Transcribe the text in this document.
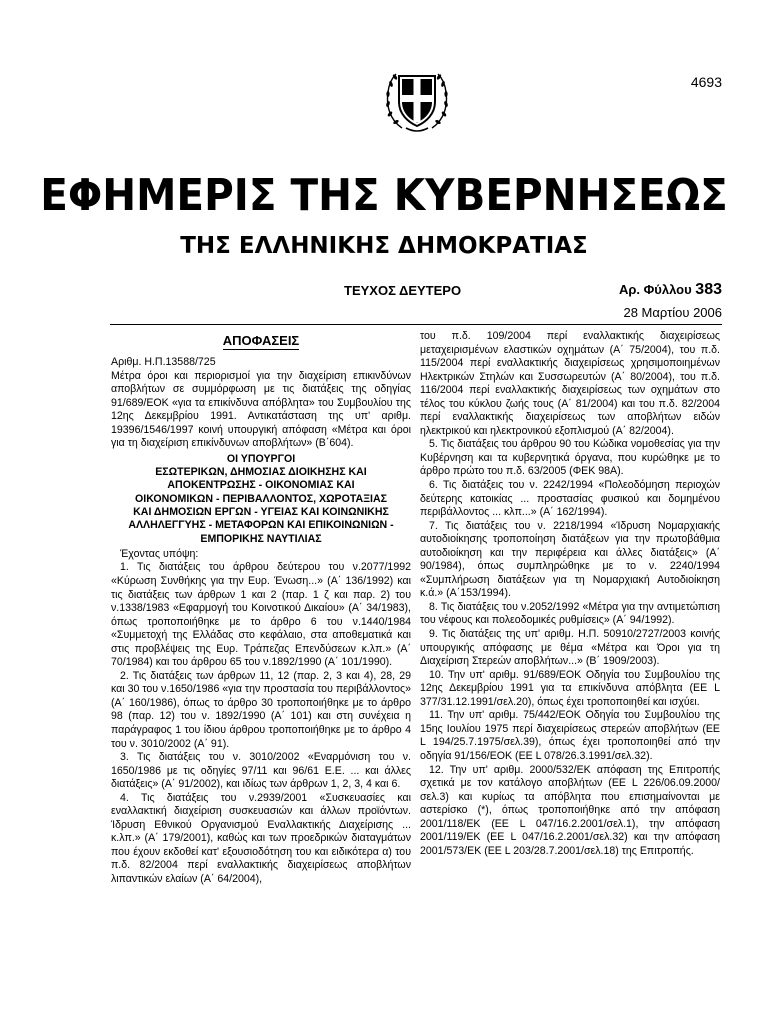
4693
ΕΦΗΜΕΡΙΣ ΤΗΣ ΚΥΒΕΡΝΗΣΕΩΣ
ΤΗΣ ΕΛΛΗΝΙΚΗΣ ΔΗΜΟΚΡΑΤΙΑΣ
ΤΕΥΧΟΣ ΔΕΥΤΕΡΟ	Αρ. Φύλλου 383
28 Μαρτίου 2006
ΑΠΟΦΑΣΕΙΣ

Αριθμ. Η.Π.13588/725

Μέτρα όροι και περιορισμοί για την διαχείριση επικινδύνων αποβλήτων σε συμμόρφωση με τις διατάξεις της οδηγίας 91/689/ΕΟΚ «για τα επικίνδυνα απόβλητα» του Συμβουλίου της 12ης Δεκεμβρίου 1991. Αντικατάσταση της υπ' αριθμ. 19396/1546/1997 κοινή υπουργική απόφαση «Μέτρα και όροι για τη διαχείριση επικίνδυνων αποβλήτων» (Β΄604).

ΟΙ ΥΠΟΥΡΓΟΙ
ΕΣΩΤΕΡΙΚΩΝ, ΔΗΜΟΣΙΑΣ ΔΙΟΙΚΗΣΗΣ ΚΑΙ
ΑΠΟΚΕΝΤΡΩΣΗΣ - ΟΙΚΟΝΟΜΙΑΣ ΚΑΙ
ΟΙΚΟΝΟΜΙΚΩΝ - ΠΕΡΙΒΑΛΛΟΝΤΟΣ, ΧΩΡΟΤΑΞΙΑΣ
ΚΑΙ ΔΗΜΟΣΙΩΝ ΕΡΓΩΝ - ΥΓΕΙΑΣ ΚΑΙ ΚΟΙΝΩΝΙΚΗΣ
ΑΛΛΗΛΕΓΓΥΗΣ - ΜΕΤΑΦΟΡΩΝ ΚΑΙ ΕΠΙΚΟΙΝΩΝΙΩΝ -
ΕΜΠΟΡΙΚΗΣ ΝΑΥΤΙΛΙΑΣ

Έχοντας υπόψη:

1. Τις διατάξεις του άρθρου δεύτερου του ν.2077/1992 «Κύρωση Συνθήκης για την Ευρ. Ένωση...» (Α΄ 136/1992) και τις διατάξεις των άρθρων 1 και 2 (παρ. 1 ζ και παρ. 2) του ν.1338/1983 «Εφαρμογή του Κοινοτικού Δικαίου» (Α΄ 34/1983), όπως τροποποιήθηκε με το άρθρο 6 του ν.1440/1984 «Συμμετοχή της Ελλάδας στο κεφάλαιο, στα αποθεματικά και στις προβλέψεις της Ευρ. Τράπεζας Επενδύσεων κ.λπ.» (Α΄ 70/1984) και του άρθρου 65 του ν.1892/1990 (Α΄ 101/1990).

2. Τις διατάξεις των άρθρων 11, 12 (παρ. 2, 3 και 4), 28, 29 και 30 του ν.1650/1986 «για την προστασία του περιβάλλοντος» (Α΄ 160/1986), όπως το άρθρο 30 τροποποιήθηκε με το άρθρο 98 (παρ. 12) του ν. 1892/1990 (Α΄ 101) και στη συνέχεια η παράγραφος 1 του ίδιου άρθρου τροποποιήθηκε με το άρθρο 4 του ν. 3010/2002 (Α΄ 91).

3. Τις διατάξεις του ν. 3010/2002 «Εναρμόνιση του ν. 1650/1986 με τις οδηγίες 97/11 και 96/61 Ε.Ε. ... και άλλες διατάξεις» (Α΄ 91/2002), και ιδίως των άρθρων 1, 2, 3, 4 και 6.

4. Τις διατάξεις του ν.2939/2001 «Συσκευασίες και εναλλακτική διαχείριση συσκευασιών και άλλων προϊόντων. Ίδρυση Εθνικού Οργανισμού Εναλλακτικής Διαχείρισης ... κ.λπ.» (Α΄ 179/2001), καθώς και των προεδρικών διαταγμάτων που έχουν εκδοθεί κατ' εξουσιοδότηση του και ειδικότερα α) του π.δ. 82/2004 περί εναλλακτικής διαχειρίσεως αποβλήτων λιπαντικών ελαίων (Α΄ 64/2004),

του π.δ. 109/2004 περί εναλλακτικής διαχειρίσεως μεταχειρισμένων ελαστικών οχημάτων (Α΄ 75/2004), του π.δ. 115/2004 περί εναλλακτικής διαχειρίσεως χρησιμοποιημένων Ηλεκτρικών Στηλών και Συσσωρευτών (Α΄ 80/2004), του π.δ. 116/2004 περί εναλλακτικής διαχειρίσεως των οχημάτων στο τέλος του κύκλου ζωής τους (Α΄ 81/2004) και του π.δ. 82/2004 περί εναλλακτικής διαχειρίσεως των αποβλήτων ειδών ηλεκτρικού και ηλεκτρονικού εξοπλισμού (Α΄ 82/2004).

5. Τις διατάξεις του άρθρου 90 του Κώδικα νομοθεσίας για την Κυβέρνηση και τα κυβερνητικά όργανα, που κυρώθηκε με το άρθρο πρώτο του π.δ. 63/2005 (ΦΕΚ 98Α).

6. Τις διατάξεις του ν. 2242/1994 «Πολεοδόμηση περιοχών δεύτερης κατοικίας ... προστασίας φυσικού και δομημένου περιβάλλοντος ... κλπ...» (Α΄ 162/1994).

7. Τις διατάξεις του ν. 2218/1994 «Ίδρυση Νομαρχιακής αυτοδιοίκησης τροποποίηση διατάξεων για την πρωτοβάθμια αυτοδιοίκηση και την περιφέρεια και άλλες διατάξεις» (Α΄ 90/1984), όπως συμπληρώθηκε με το ν. 2240/1994 «Συμπλήρωση διατάξεων για τη Νομαρχιακή Αυτοδιοίκηση κ.ά.» (Α΄153/1994).

8. Τις διατάξεις του ν.2052/1992 «Μέτρα για την αντιμετώπιση του νέφους και πολεοδομικές ρυθμίσεις» (Α΄ 94/1992).

9. Τις διατάξεις της υπ' αριθμ. Η.Π. 50910/2727/2003 κοινής υπουργικής απόφασης με θέμα «Μέτρα και Όροι για τη Διαχείριση Στερεών αποβλήτων...» (Β΄ 1909/2003).

10. Την υπ' αριθμ. 91/689/ΕΟΚ Οδηγία του Συμβουλίου της 12ης Δεκεμβρίου 1991 για τα επικίνδυνα απόβλητα (ΕΕ L 377/31.12.1991/σελ.20), όπως έχει τροποποιηθεί και ισχύει.

11. Την υπ' αριθμ. 75/442/ΕΟΚ Οδηγία του Συμβουλίου της 15ης Ιουλίου 1975 περί διαχειρίσεως στερεών αποβλήτων (ΕΕ L 194/25.7.1975/σελ.39), όπως έχει τροποποιηθεί από την οδηγία 91/156/ΕΟΚ (ΕΕ L 078/26.3.1991/σελ.32).

12. Την υπ' αριθμ. 2000/532/ΕΚ απόφαση της Επιτροπής σχετικά με τον κατάλογο αποβλήτων (ΕΕ L 226/06.09.2000/σελ.3) και κυρίως τα απόβλητα που επισημαίνονται με αστερίσκο (*), όπως τροποποιήθηκε από την απόφαση 2001/118/ΕΚ (ΕΕ L 047/16.2.2001/σελ.1), την απόφαση 2001/119/ΕΚ (ΕΕ L 047/16.2.2001/σελ.32) και την απόφαση 2001/573/ΕΚ (ΕΕ L 203/28.7.2001/σελ.18) της Επιτροπής.
